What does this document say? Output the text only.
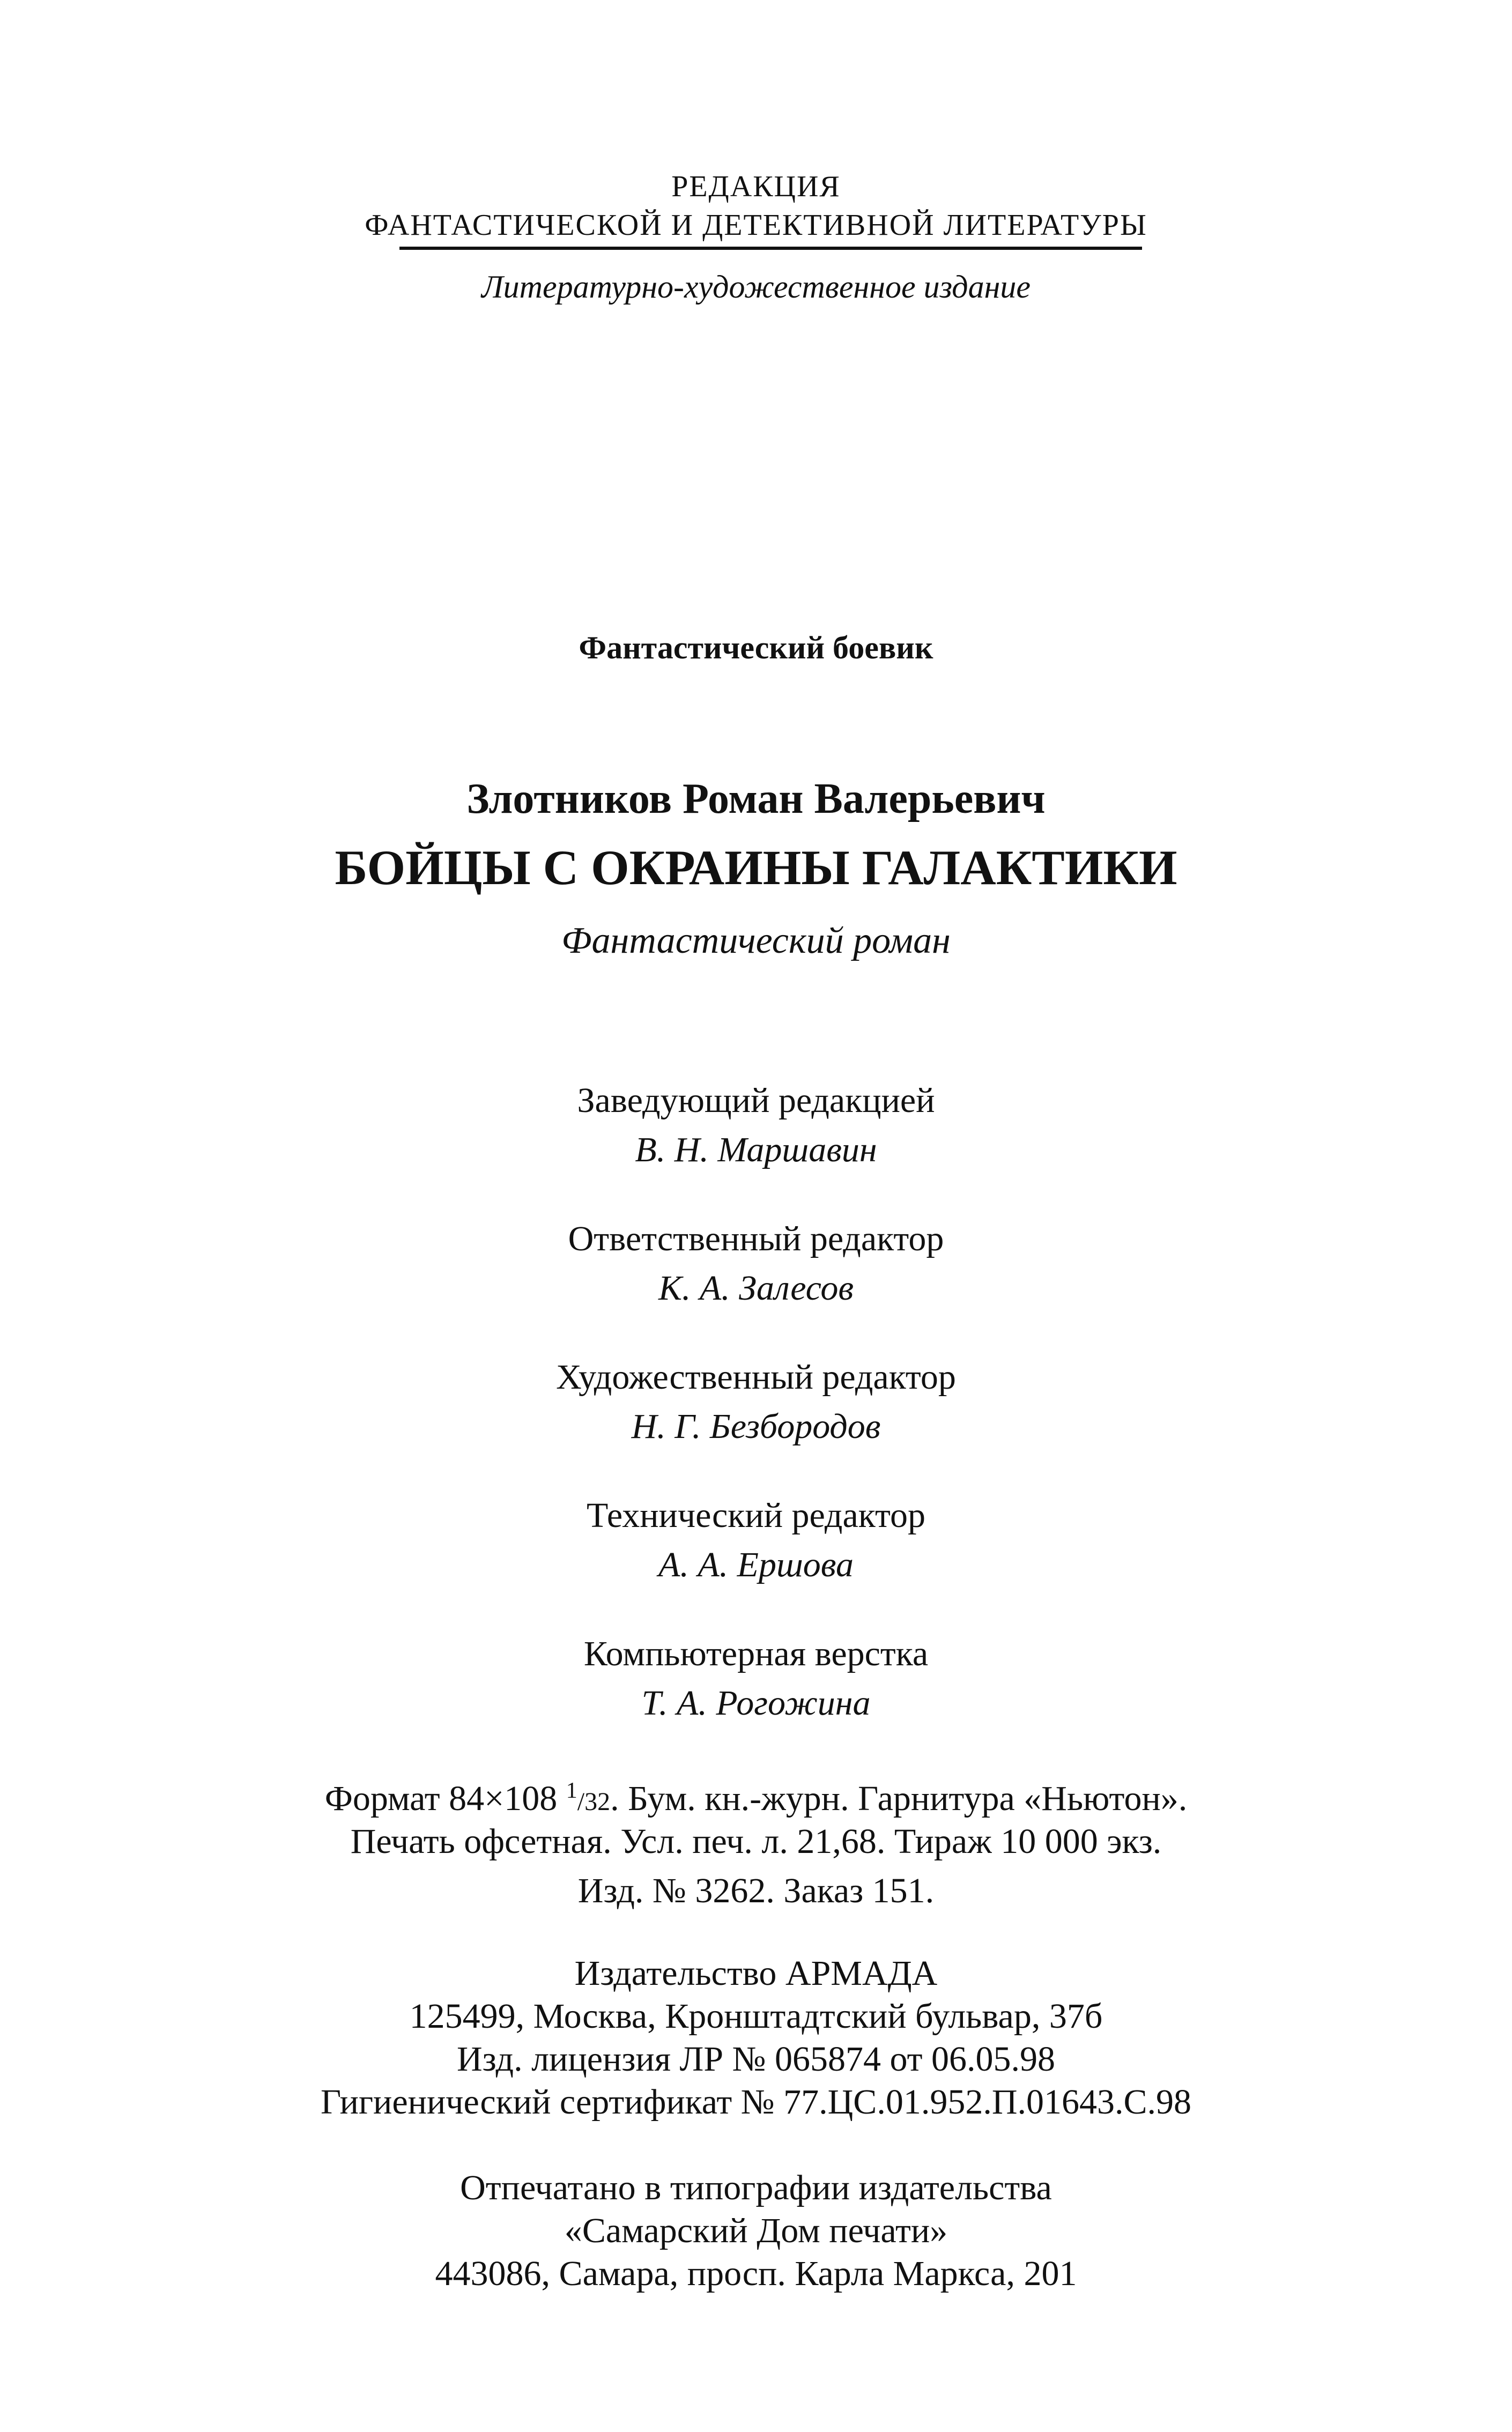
РЕДАКЦИЯ
ФАНТАСТИЧЕСКОЙ И ДЕТЕКТИВНОЙ ЛИТЕРАТУРЫ
Литературно-художественное издание
Фантастический боевик
Злотников Роман Валерьевич
БОЙЦЫ С ОКРАИНЫ ГАЛАКТИКИ
Фантастический роман
Заведующий редакцией
В. Н. Маршавин
Ответственный редактор
К. А. Залесов
Художественный редактор
Н. Г. Безбородов
Технический редактор
А. А. Ершова
Компьютерная верстка
Т. А. Рогожина
Формат 84×108 $^1$/32. Бум. кн.-журн. Гарнитура «Ньютон».
Печать офсетная. Усл. печ. л. 21,68. Тираж 10 000 экз.
Изд. № 3262. Заказ 151.
Издательство АРМАДА
125499, Москва, Кронштадтский бульвар, 37б
Изд. лицензия ЛР № 065874 от 06.05.98
Гигиенический сертификат № 77.ЦС.01.952.П.01643.С.98
Отпечатано в типографии издательства
«Самарский Дом печати»
443086, Самара, просп. Карла Маркса, 201
